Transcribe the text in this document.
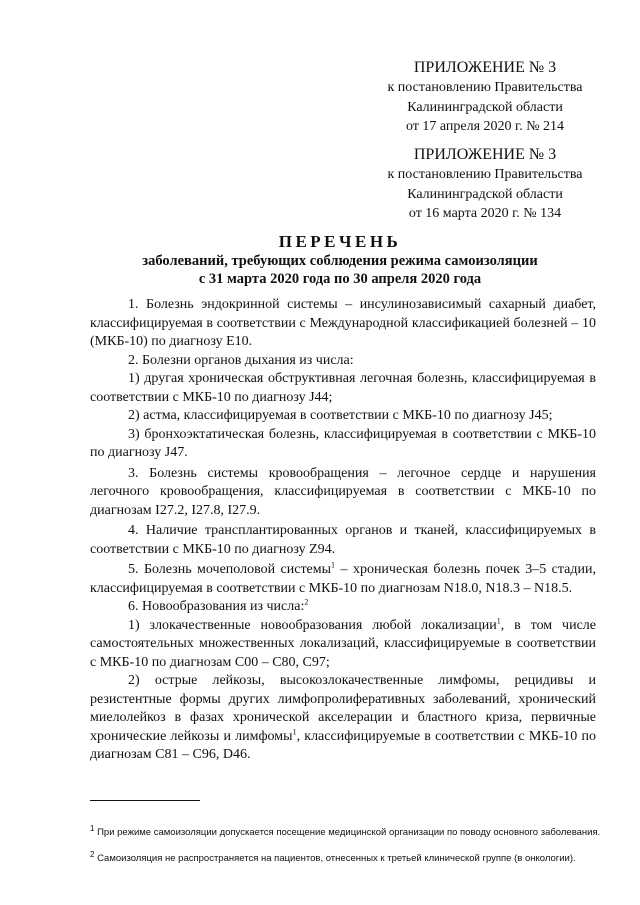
ПРИЛОЖЕНИЕ № 3
к постановлению Правительства
Калининградской области
от 17 апреля 2020 г. № 214
ПРИЛОЖЕНИЕ № 3
к постановлению Правительства
Калининградской области
от 16 марта 2020 г. № 134
ПЕРЕЧЕНЬ
заболеваний, требующих соблюдения режима самоизоляции
с 31 марта 2020 года по 30 апреля 2020 года

1. Болезнь эндокринной системы – инсулинозависимый сахарный диабет, классифицируемая в соответствии с Международной классификацией болезней – 10 (МКБ-10) по диагнозу E10.

2. Болезни органов дыхания из числа:

1) другая хроническая обструктивная легочная болезнь, классифицируемая в соответствии с МКБ-10 по диагнозу J44;

2) астма, классифицируемая в соответствии с МКБ-10 по диагнозу J45;

3) бронхоэктатическая болезнь, классифицируемая в соответствии с МКБ-10 по диагнозу J47.

3. Болезнь системы кровообращения – легочное сердце и нарушения легочного кровообращения, классифицируемая в соответствии с МКБ-10 по диагнозам I27.2, I27.8, I27.9.

4. Наличие трансплантированных органов и тканей, классифицируемых в соответствии с МКБ-10 по диагнозу Z94.

5. Болезнь мочеполовой системы$^1$ – хроническая болезнь почек 3–5 стадии, классифицируемая в соответствии с МКБ-10 по диагнозам N18.0, N18.3 – N18.5.

6. Новообразования из числа:$^2$

1) злокачественные новообразования любой локализации$^1$, в том числе самостоятельных множественных локализаций, классифицируемые в соответствии с МКБ-10 по диагнозам C00 – C80, C97;

2) острые лейкозы, высокозлокачественные лимфомы, рецидивы и резистентные формы других лимфопролиферативных заболеваний, хронический миелолейкоз в фазах хронической акселерации и бластного криза, первичные хронические лейкозы и лимфомы$^1$, классифицируемые в соответствии с МКБ-10 по диагнозам C81 – C96, D46.

$^1$ При режиме самоизоляции допускается посещение медицинской организации по поводу основного заболевания.
$^2$ Самоизоляция не распространяется на пациентов, отнесенных к третьей клинической группе (в онкологии).
